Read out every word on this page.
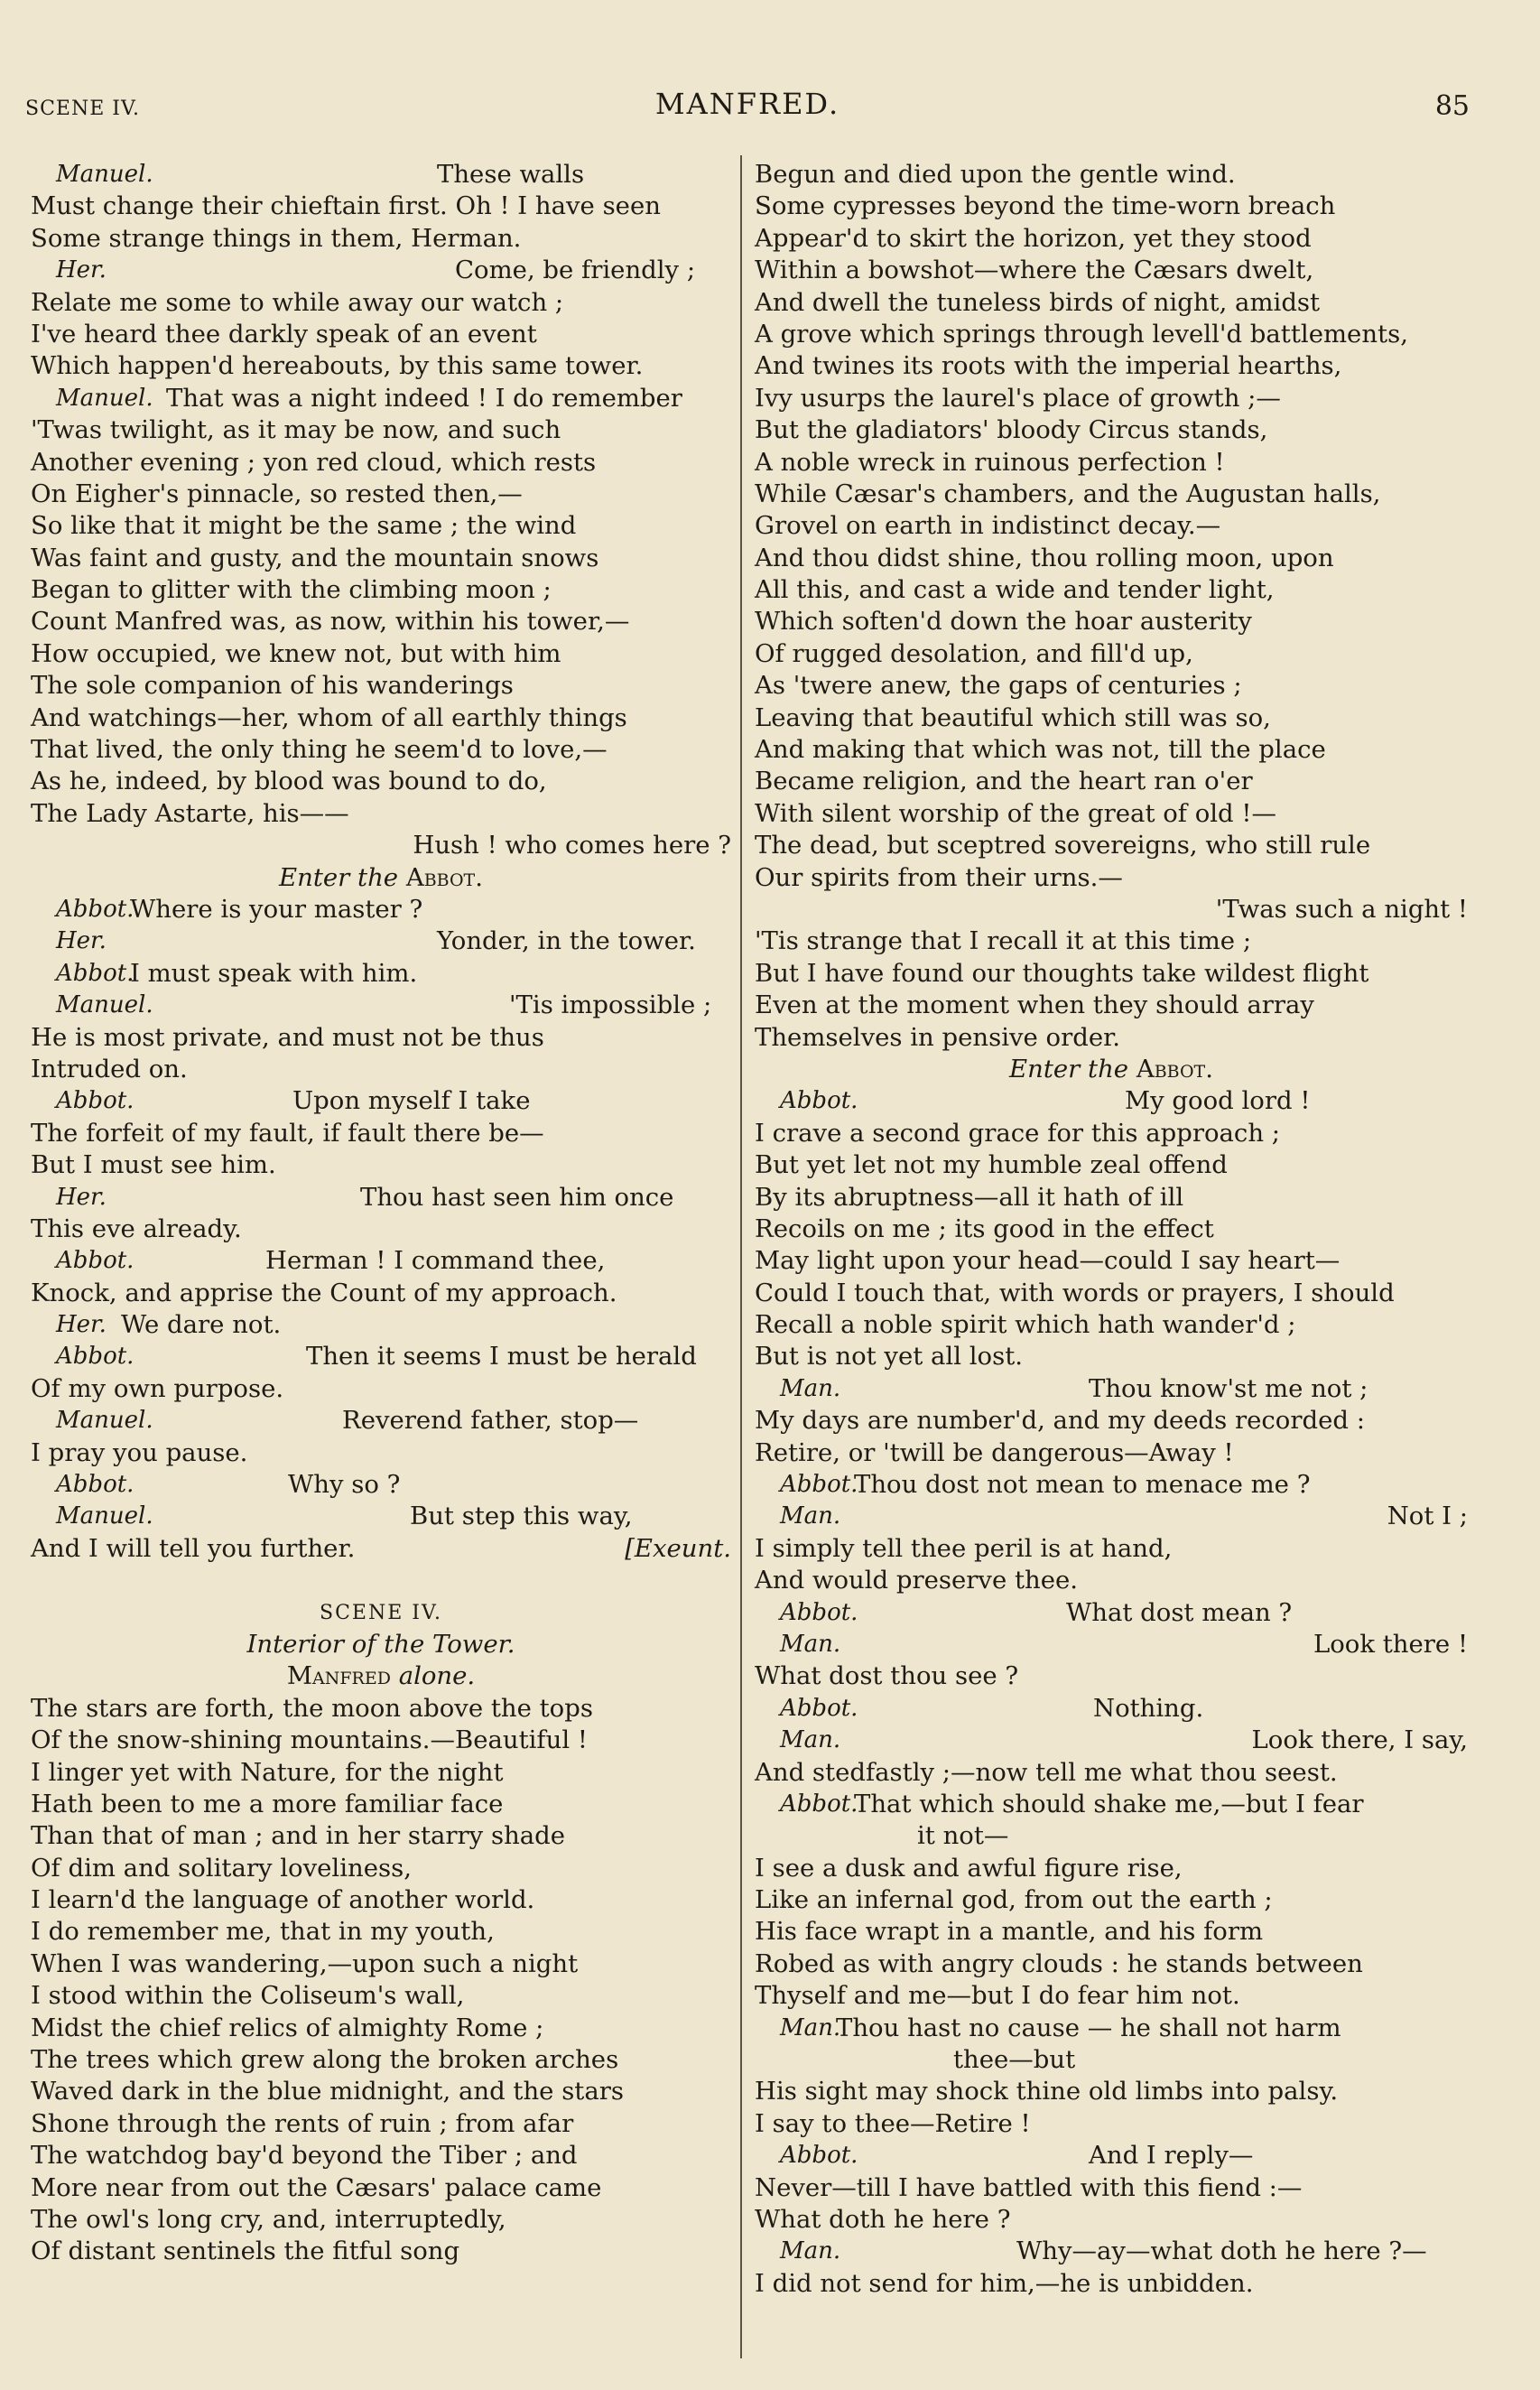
SCENE IV.	MANFRED.	85
Manuel.	These walls
Must change their chieftain first. Oh ! I have seen
Some strange things in them, Herman.
Her.	Come, be friendly ;
Relate me some to while away our watch ;
I've heard thee darkly speak of an event
Which happen'd hereabouts, by this same tower.
Manuel. That was a night indeed ! I do remember
'Twas twilight, as it may be now, and such
Another evening ; yon red cloud, which rests
On Eigher's pinnacle, so rested then,—
So like that it might be the same ; the wind
Was faint and gusty, and the mountain snows
Began to glitter with the climbing moon ;
Count Manfred was, as now, within his tower,—
How occupied, we knew not, but with him
The sole companion of his wanderings
And watchings—her, whom of all earthly things
That lived, the only thing he seem'd to love,—
As he, indeed, by blood was bound to do,
The Lady Astarte, his——
Hush ! who comes here ?
Enter the Abbot.
Abbot.
Where is your master ?
Her.	Yonder, in the tower.
Abbot.
I must speak with him.
Manuel.	'Tis impossible ;
He is most private, and must not be thus
Intruded on.
Abbot.	Upon myself I take
The forfeit of my fault, if fault there be—
But I must see him.
Her.	Thou hast seen him once
This eve already.
Abbot.	Herman ! I command thee,
Knock, and apprise the Count of my approach.
Her. We dare not.
Abbot.	Then it seems I must be herald
Of my own purpose.
Manuel.	Reverend father, stop—
I pray you pause.
Abbot.	Why so ?
Manuel.	But step this way,
And I will tell you further.	[Exeunt.
SCENE IV.
Interior of the Tower.
Manfred alone.
The stars are forth, the moon above the tops
Of the snow-shining mountains.—Beautiful !
I linger yet with Nature, for the night
Hath been to me a more familiar face
Than that of man ; and in her starry shade
Of dim and solitary loveliness,
I learn'd the language of another world.
I do remember me, that in my youth,
When I was wandering,—upon such a night
I stood within the Coliseum's wall,
Midst the chief relics of almighty Rome ;
The trees which grew along the broken arches
Waved dark in the blue midnight, and the stars
Shone through the rents of ruin ; from afar
The watchdog bay'd beyond the Tiber ; and
More near from out the Cæsars' palace came
The owl's long cry, and, interruptedly,
Of distant sentinels the fitful song
Begun and died upon the gentle wind.
Some cypresses beyond the time-worn breach
Appear'd to skirt the horizon, yet they stood
Within a bowshot—where the Cæsars dwelt,
And dwell the tuneless birds of night, amidst
A grove which springs through levell'd battlements,
And twines its roots with the imperial hearths,
Ivy usurps the laurel's place of growth ;—
But the gladiators' bloody Circus stands,
A noble wreck in ruinous perfection !
While Cæsar's chambers, and the Augustan halls,
Grovel on earth in indistinct decay.—
And thou didst shine, thou rolling moon, upon
All this, and cast a wide and tender light,
Which soften'd down the hoar austerity
Of rugged desolation, and fill'd up,
As 'twere anew, the gaps of centuries ;
Leaving that beautiful which still was so,
And making that which was not, till the place
Became religion, and the heart ran o'er
With silent worship of the great of old !—
The dead, but sceptred sovereigns, who still rule
Our spirits from their urns.—
'Twas such a night !
'Tis strange that I recall it at this time ;
But I have found our thoughts take wildest flight
Even at the moment when they should array
Themselves in pensive order.
Enter the Abbot.
Abbot.	My good lord !
I crave a second grace for this approach ;
But yet let not my humble zeal offend
By its abruptness—all it hath of ill
Recoils on me ; its good in the effect
May light upon your head—could I say heart—
Could I touch that, with words or prayers, I should
Recall a noble spirit which hath wander'd ;
But is not yet all lost.
Man.	Thou know'st me not ;
My days are number'd, and my deeds recorded :
Retire, or 'twill be dangerous—Away !
Abbot.
Thou dost not mean to menace me ?
Man.	Not I ;
I simply tell thee peril is at hand,
And would preserve thee.
Abbot.	What dost mean ?
Man.	Look there !
What dost thou see ?
Abbot.	Nothing.
Man.	Look there, I say,
And stedfastly ;—now tell me what thou seest.
Abbot.
That which should shake me,—but I fear
it not—
I see a dusk and awful figure rise,
Like an infernal god, from out the earth ;
His face wrapt in a mantle, and his form
Robed as with angry clouds : he stands between
Thyself and me—but I do fear him not.
Man.
Thou hast no cause — he shall not harm
thee—but
His sight may shock thine old limbs into palsy.
I say to thee—Retire !
Abbot.	And I reply—
Never—till I have battled with this fiend :—
What doth he here ?
Man.	Why—ay—what doth he here ?—
I did not send for him,—he is unbidden.
